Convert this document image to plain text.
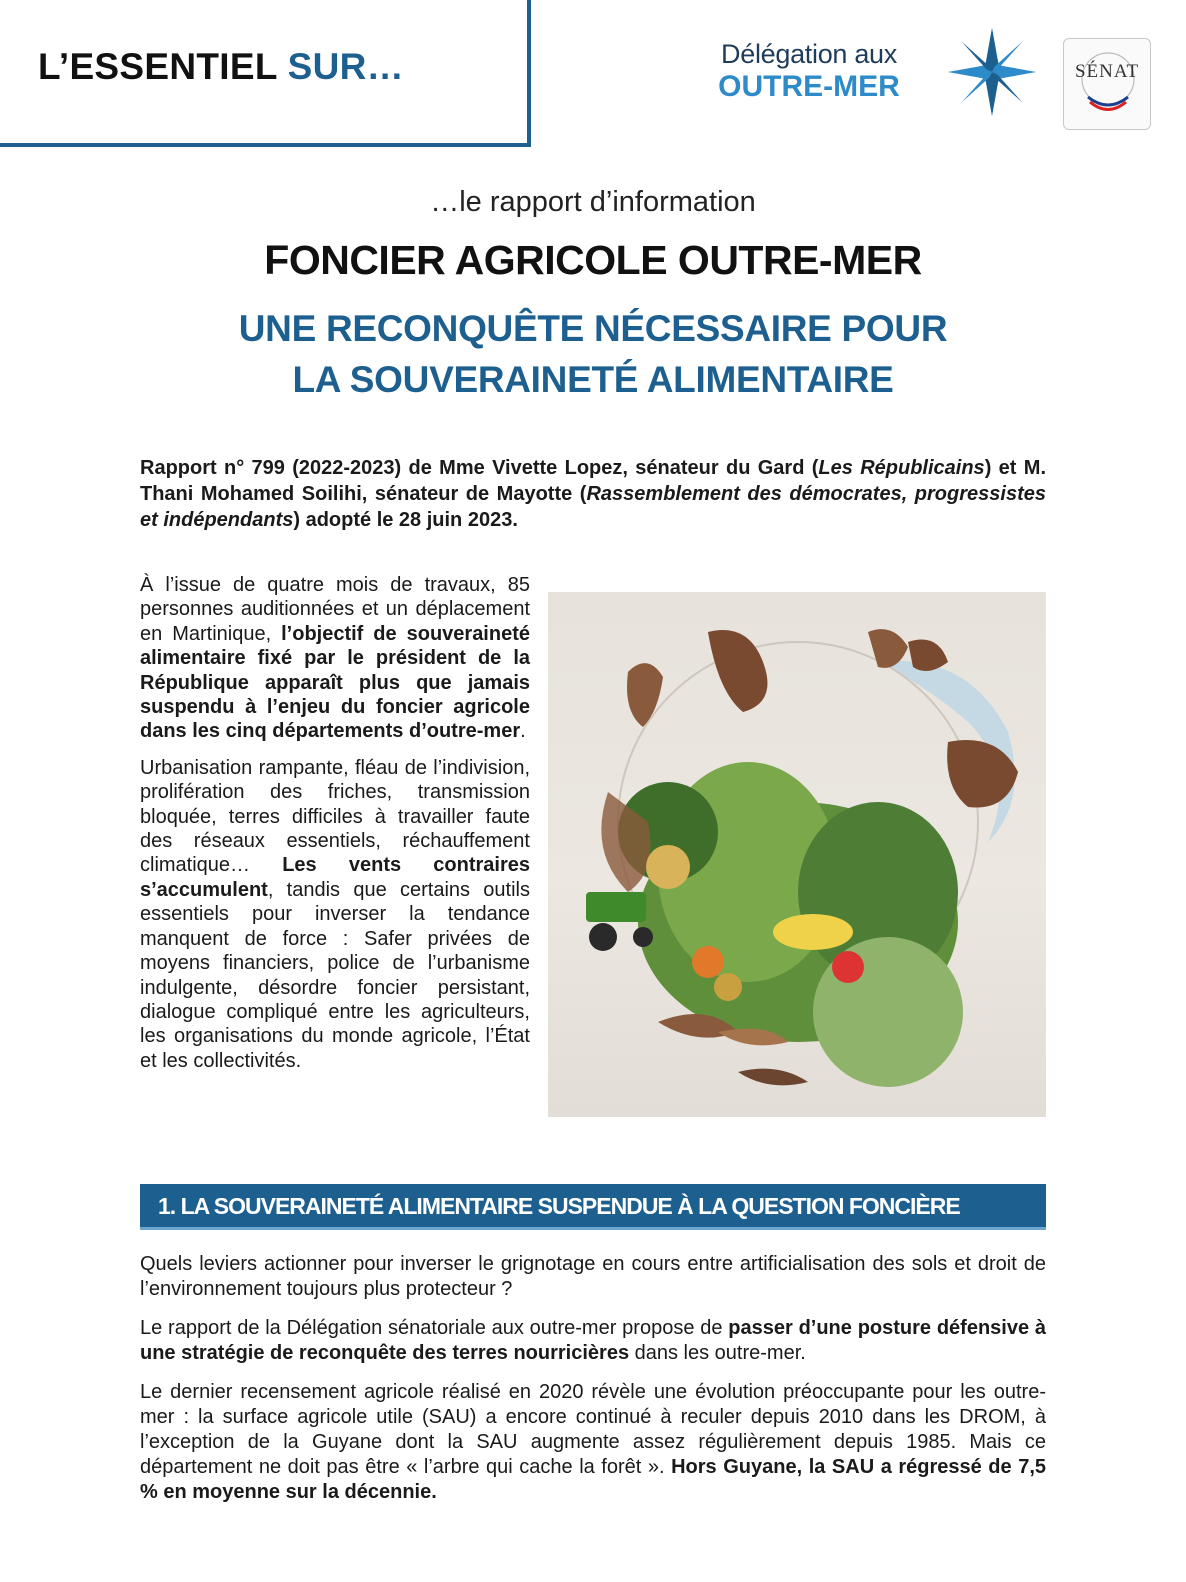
L’ESSENTIEL SUR…	Délégation aux
OUTRE-MER	SÉNAT
…le rapport d’information
FONCIER AGRICOLE OUTRE-MER
UNE RECONQUÊTE NÉCESSAIRE POUR
LA SOUVERAINETÉ ALIMENTAIRE
Rapport n° 799 (2022-2023) de Mme Vivette Lopez, sénateur du Gard (Les Républicains) et M. Thani Mohamed Soilihi, sénateur de Mayotte (Rassemblement des démocrates, progressistes et indépendants) adopté le 28 juin 2023.

À l’issue de quatre mois de travaux, 85 personnes auditionnées et un déplacement en Martinique, l’objectif de souveraineté alimentaire fixé par le président de la République apparaît plus que jamais suspendu à l’enjeu du foncier agricole dans les cinq départements d’outre-mer.

Urbanisation rampante, fléau de l’indivision, prolifération des friches, transmission bloquée, terres difficiles à travailler faute des réseaux essentiels, réchauffement climatique… Les vents contraires s’accumulent, tandis que certains outils essentiels pour inverser la tendance manquent de force : Safer privées de moyens financiers, police de l’urbanisme indulgente, désordre foncier persistant, dialogue compliqué entre les agriculteurs, les organisations du monde agricole, l’État et les collectivités.

1. LA SOUVERAINETÉ ALIMENTAIRE SUSPENDUE À LA QUESTION FONCIÈRE

Quels leviers actionner pour inverser le grignotage en cours entre artificialisation des sols et droit de l’environnement toujours plus protecteur ?

Le rapport de la Délégation sénatoriale aux outre-mer propose de passer d’une posture défensive à une stratégie de reconquête des terres nourricières dans les outre-mer.

Le dernier recensement agricole réalisé en 2020 révèle une évolution préoccupante pour les outre-mer : la surface agricole utile (SAU) a encore continué à reculer depuis 2010 dans les DROM, à l’exception de la Guyane dont la SAU augmente assez régulièrement depuis 1985. Mais ce département ne doit pas être « l’arbre qui cache la forêt ». Hors Guyane, la SAU a régressé de 7,5 % en moyenne sur la décennie.
